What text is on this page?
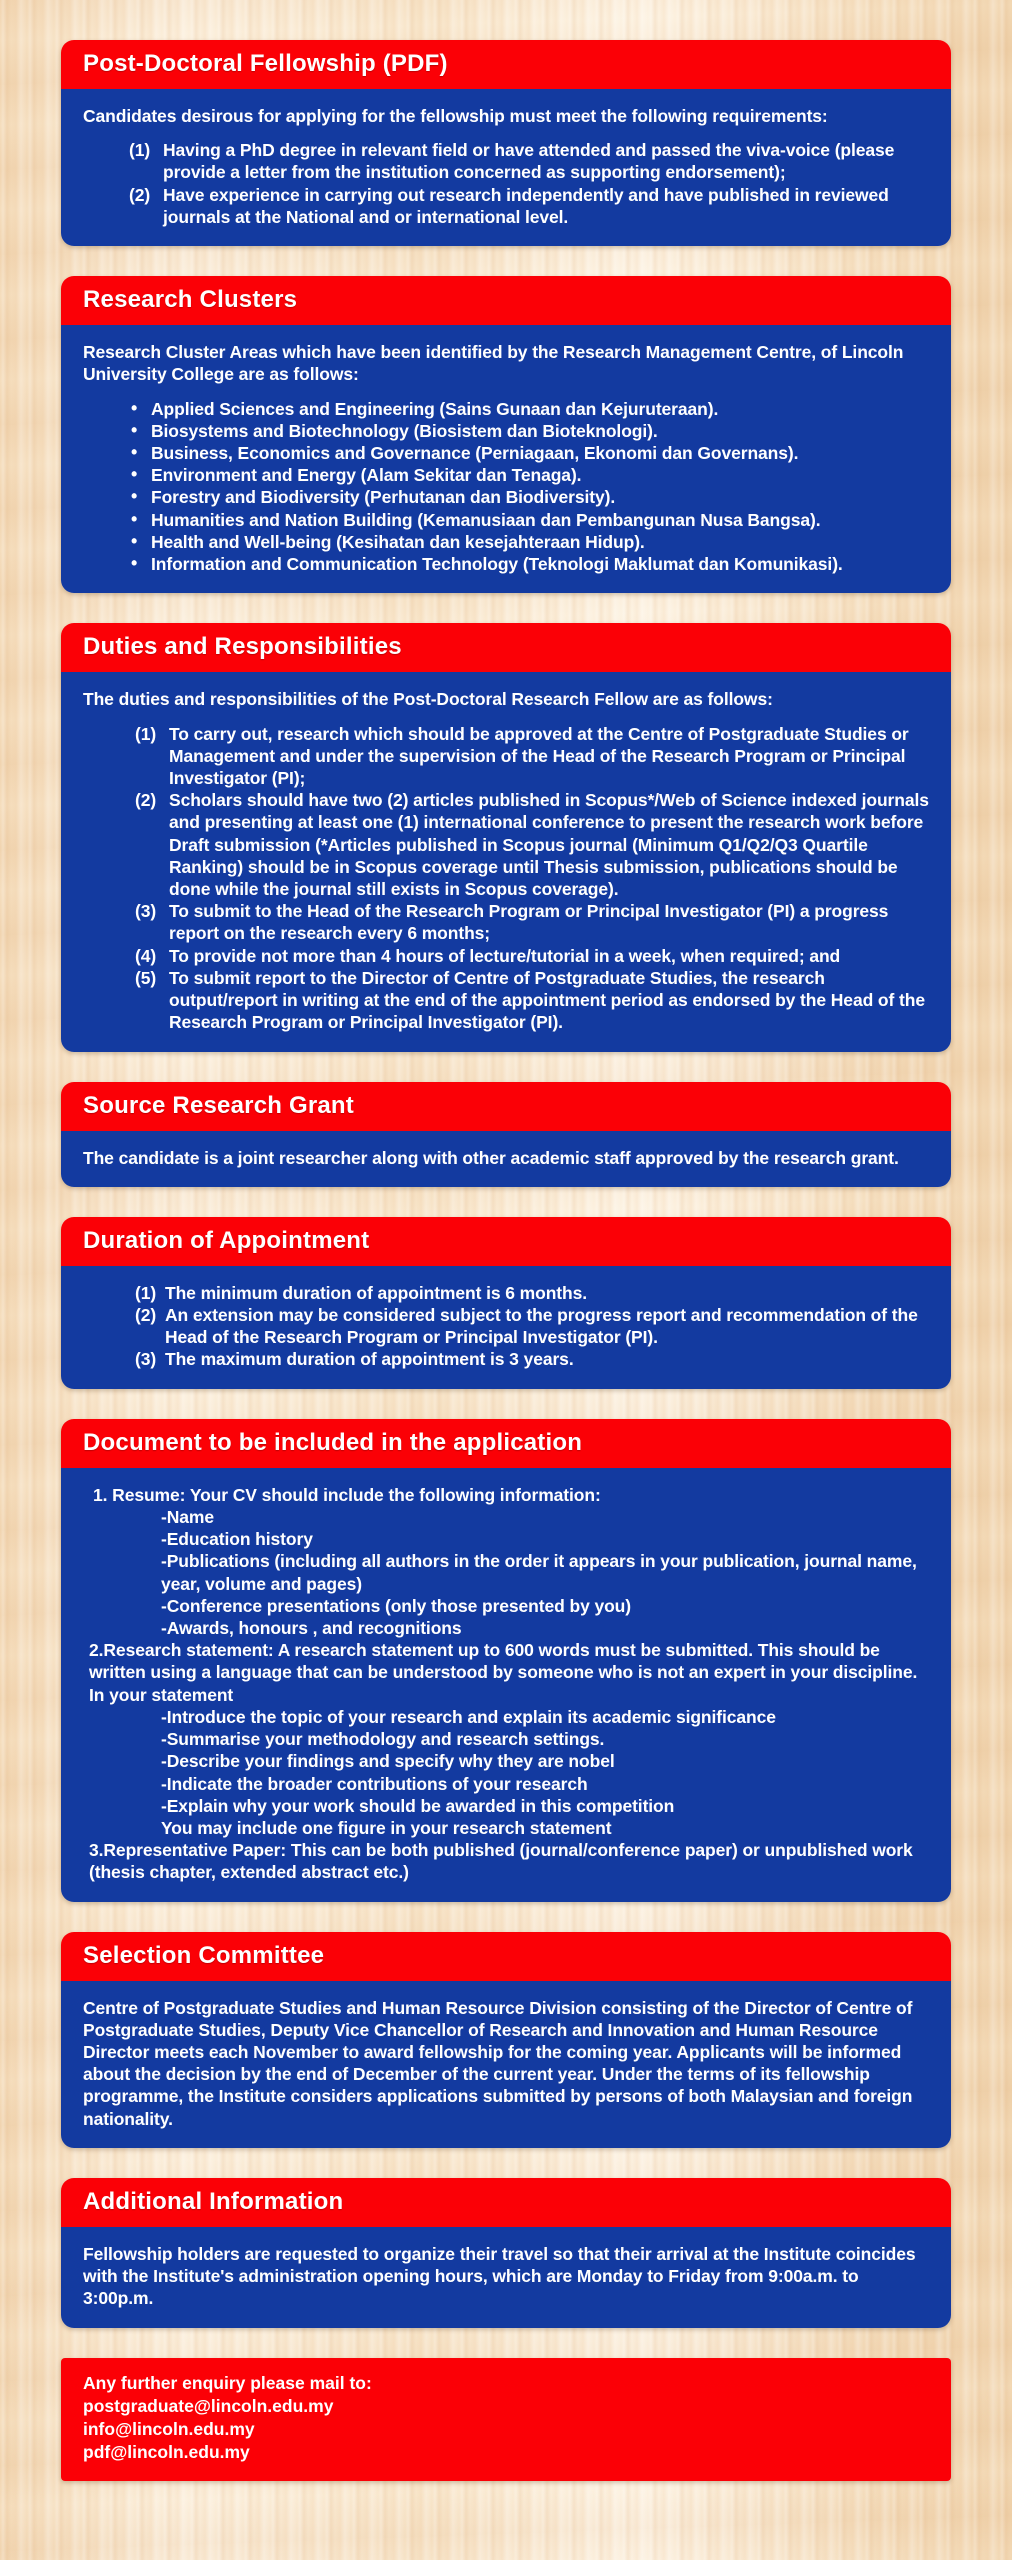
Post-Doctoral Fellowship (PDF)
Candidates desirous for applying for the fellowship must meet the following requirements:
(1) Having a PhD degree in relevant field or have attended and passed the viva-voice (please provide a letter from the institution concerned as supporting endorsement);
(2) Have experience in carrying out research independently and have published in reviewed journals at the National and or international level.
Research Clusters
Research Cluster Areas which have been identified by the Research Management Centre, of Lincoln University College are as follows:
• Applied Sciences and Engineering (Sains Gunaan dan Kejuruteraan).
• Biosystems and Biotechnology (Biosistem dan Bioteknologi).
• Business, Economics and Governance (Perniagaan, Ekonomi dan Governans).
• Environment and Energy (Alam Sekitar dan Tenaga).
• Forestry and Biodiversity (Perhutanan dan Biodiversity).
• Humanities and Nation Building (Kemanusiaan dan Pembangunan Nusa Bangsa).
• Health and Well-being (Kesihatan dan kesejahteraan Hidup).
• Information and Communication Technology (Teknologi Maklumat dan Komunikasi).
Duties and Responsibilities
The duties and responsibilities of the Post-Doctoral Research Fellow are as follows:
(1) To carry out, research which should be approved at the Centre of Postgraduate Studies or Management and under the supervision of the Head of the Research Program or Principal Investigator (PI);
(2) Scholars should have two (2) articles published in Scopus*/Web of Science indexed journals and presenting at least one (1) international conference to present the research work before Draft submission (*Articles published in Scopus journal (Minimum Q1/Q2/Q3 Quartile Ranking) should be in Scopus coverage until Thesis submission, publications should be done while the journal still exists in Scopus coverage).
(3) To submit to the Head of the Research Program or Principal Investigator (PI) a progress report on the research every 6 months;
(4) To provide not more than 4 hours of lecture/tutorial in a week, when required; and
(5) To submit report to the Director of Centre of Postgraduate Studies, the research output/report in writing at the end of the appointment period as endorsed by the Head of the Research Program or Principal Investigator (PI).
Source Research Grant
The candidate is a joint researcher along with other academic staff approved by the research grant.
Duration of Appointment
(1) The minimum duration of appointment is 6 months.
(2) An extension may be considered subject to the progress report and recommendation of the Head of the Research Program or Principal Investigator (PI).
(3) The maximum duration of appointment is 3 years.
Document to be included in the application
1. Resume: Your CV should include the following information:
-Name
-Education history
-Publications (including all authors in the order it appears in your publication, journal name, year, volume and pages)
-Conference presentations (only those presented by you)
-Awards, honours , and recognitions
2.Research statement: A research statement up to 600 words must be submitted. This should be written using a language that can be understood by someone who is not an expert in your discipline. In your statement
-Introduce the topic of your research and explain its academic significance
-Summarise your methodology and research settings.
-Describe your findings and specify why they are nobel
-Indicate the broader contributions of your research
-Explain why your work should be awarded in this competition
You may include one figure in your research statement
3.Representative Paper: This can be both published (journal/conference paper) or unpublished work (thesis chapter, extended abstract etc.)
Selection Committee
Centre of Postgraduate Studies and Human Resource Division consisting of the Director of Centre of Postgraduate Studies, Deputy Vice Chancellor of Research and Innovation and Human Resource Director meets each November to award fellowship for the coming year. Applicants will be informed about the decision by the end of December of the current year. Under the terms of its fellowship programme, the Institute considers applications submitted by persons of both Malaysian and foreign nationality.
Additional Information
Fellowship holders are requested to organize their travel so that their arrival at the Institute coincides with the Institute's administration opening hours, which are Monday to Friday from 9:00a.m. to 3:00p.m.
Any further enquiry please mail to:
postgraduate@lincoln.edu.my
info@lincoln.edu.my
pdf@lincoln.edu.my
